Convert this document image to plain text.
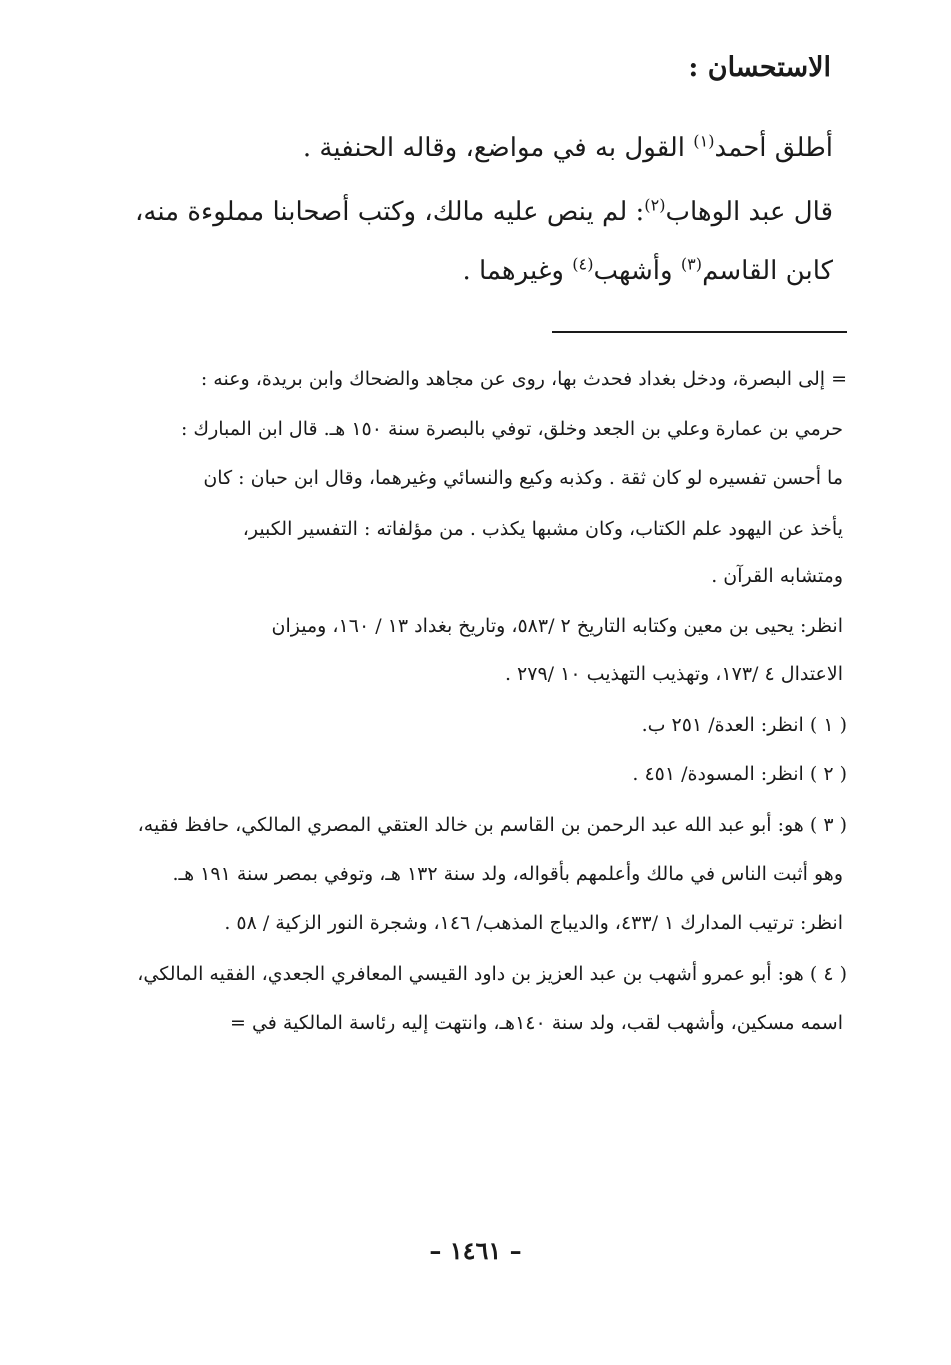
الاستحسان :
أطلق أحمد$^{(١)}$ القول به في مواضع، وقاله الحنفية .
قال عبد الوهاب$^{(٢)}$: لم ينص عليه مالك، وكتب أصحابنا مملوءة منه،
كابن القاسم$^{(٣)}$ وأشهب$^{(٤)}$ وغيرهما .
= إلى البصرة، ودخل بغداد فحدث بها، روى عن مجاهد والضحاك وابن بريدة، وعنه :
حرمي بن عمارة وعلي بن الجعد وخلق، توفي بالبصرة سنة ١٥٠ هـ. قال ابن المبارك :
ما أحسن تفسيره لو كان ثقة . وكذبه وكيع والنسائي وغيرهما، وقال ابن حبان : كان
يأخذ عن اليهود علم الكتاب، وكان مشبها يكذب . من مؤلفاته : التفسير الكبير،
ومتشابه القرآن .
انظر: يحيى بن معين وكتابه التاريخ ٢ /٥٨٣، وتاريخ بغداد ١٣ / ١٦٠، وميزان
الاعتدال ٤ /١٧٣، وتهذيب التهذيب ١٠ /٢٧٩ .
( ١ ) انظر: العدة/ ٢٥١ ب.
( ٢ ) انظر: المسودة/ ٤٥١ .
( ٣ ) هو: أبو عبد الله عبد الرحمن بن القاسم بن خالد العتقي المصري المالكي، حافظ فقيه،
وهو أثبت الناس في مالك وأعلمهم بأقواله، ولد سنة ١٣٢ هـ، وتوفي بمصر سنة ١٩١ هـ.
انظر: ترتيب المدارك ١ /٤٣٣، والديباج المذهب/ ١٤٦، وشجرة النور الزكية / ٥٨ .
( ٤ ) هو: أبو عمرو أشهب بن عبد العزيز بن داود القيسي المعافري الجعدي، الفقيه المالكي،
اسمه مسكين، وأشهب لقب، ولد سنة ١٤٠هـ، وانتهت إليه رئاسة المالكية في =
– ١٤٦١ –
